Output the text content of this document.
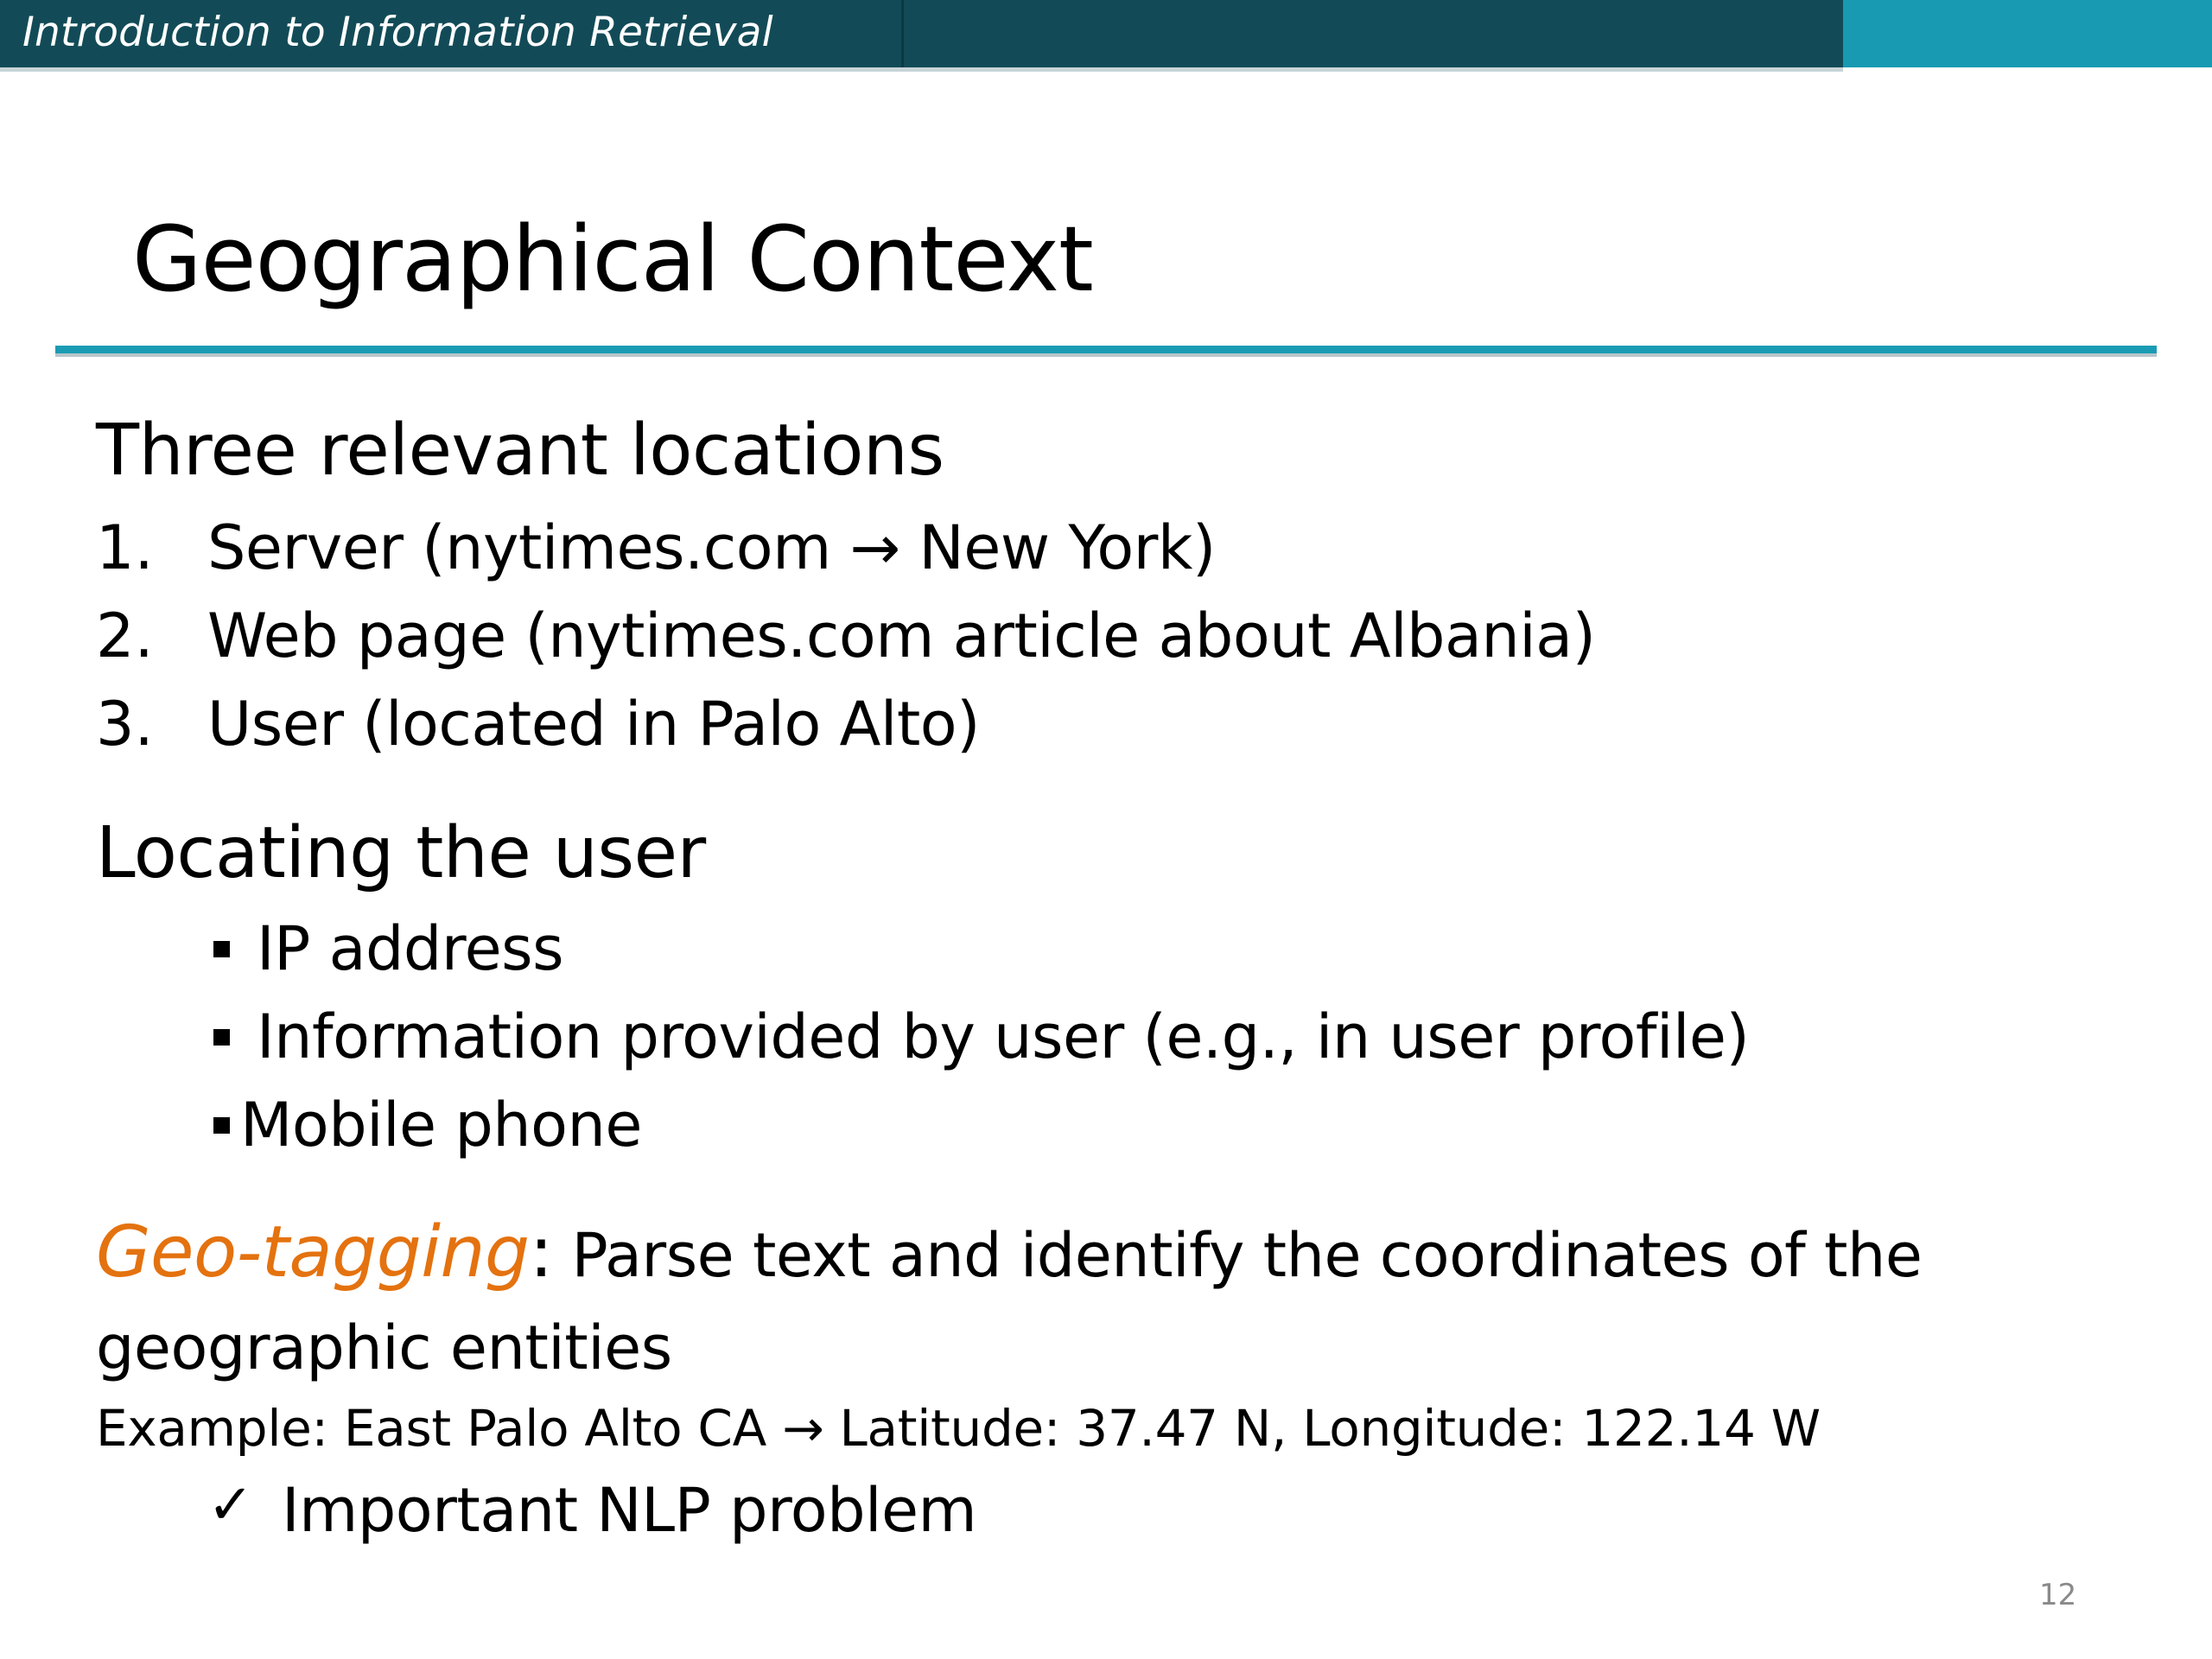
Introduction to Information Retrieval
Geographical Context
Three relevant locations
1. Server (nytimes.com → New York)
2. Web page (nytimes.com article about Albania)
3. User (located in Palo Alto)
Locating the user
IP address
Information provided by user (e.g., in user profile)
Mobile phone
Geo-tagging: Parse text and identify the coordinates of the
geographic entities
Example: East Palo Alto CA → Latitude: 37.47 N, Longitude: 122.14 W
✓ Important NLP problem
12
